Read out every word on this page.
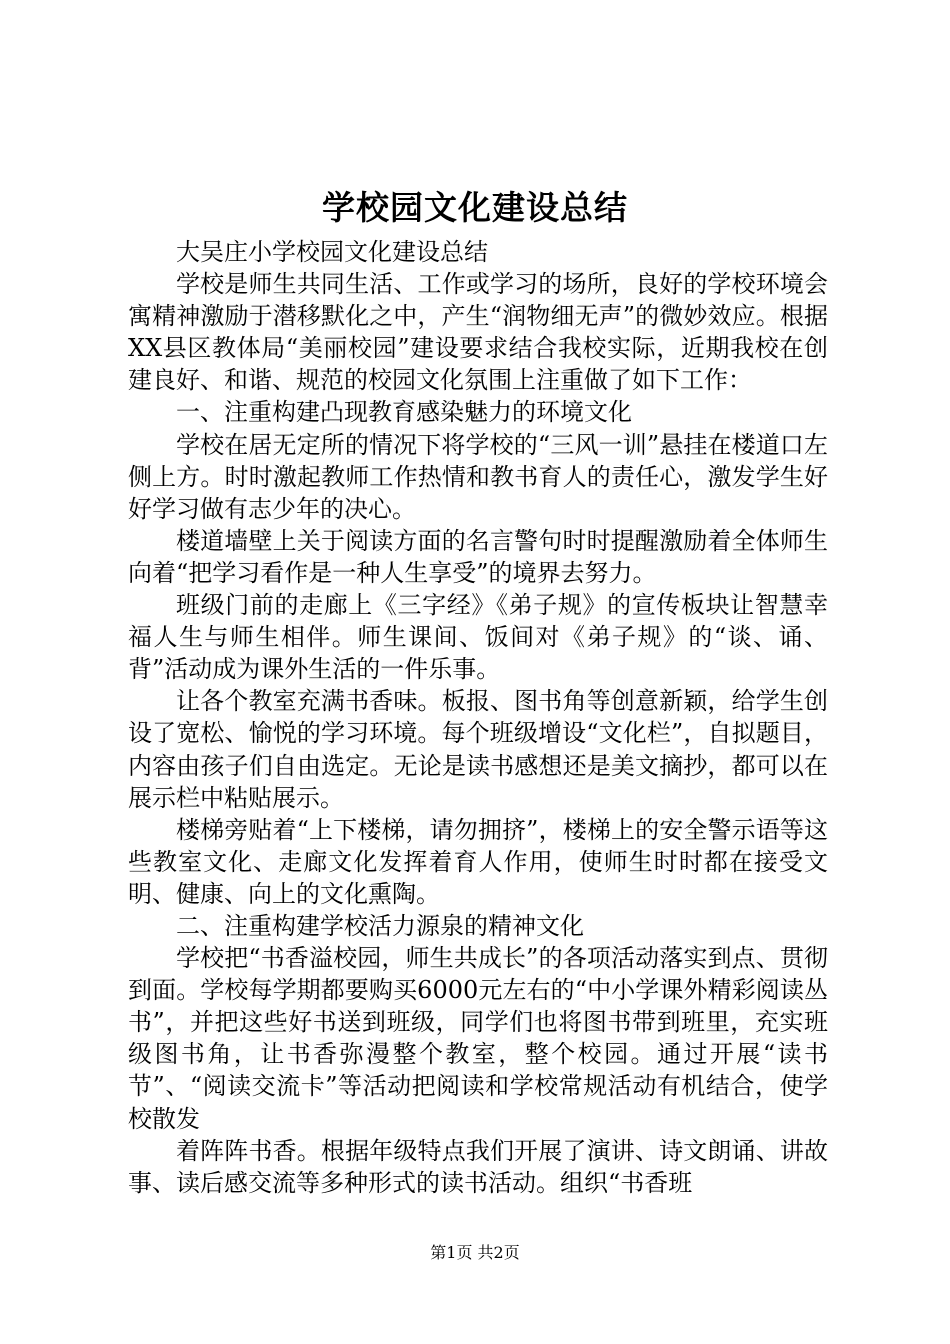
学校园文化建设总结

大吴庄小学校园文化建设总结

学校是师生共同生活、工作或学习的场所，良好的学校环境会寓精神激励于潜移默化之中，产生“润物细无声”的微妙效应。根据XX县区教体局“美丽校园”建设要求结合我校实际，近期我校在创建良好、和谐、规范的校园文化氛围上注重做了如下工作：

一、注重构建凸现教育感染魅力的环境文化

学校在居无定所的情况下将学校的“三风一训”悬挂在楼道口左侧上方。时时激起教师工作热情和教书育人的责任心，激发学生好好学习做有志少年的决心。

楼道墙壁上关于阅读方面的名言警句时时提醒激励着全体师生向着“把学习看作是一种人生享受”的境界去努力。

班级门前的走廊上《三字经》《弟子规》的宣传板块让智慧幸福人生与师生相伴。师生课间、饭间对《弟子规》的“谈、诵、背”活动成为课外生活的一件乐事。

让各个教室充满书香味。板报、图书角等创意新颖，给学生创设了宽松、愉悦的学习环境。每个班级增设“文化栏”，自拟题目，内容由孩子们自由选定。无论是读书感想还是美文摘抄，都可以在展示栏中粘贴展示。

楼梯旁贴着“上下楼梯，请勿拥挤”，楼梯上的安全警示语等这些教室文化、走廊文化发挥着育人作用，使师生时时都在接受文明、健康、向上的文化熏陶。

二、注重构建学校活力源泉的精神文化

学校把“书香溢校园，师生共成长”的各项活动落实到点、贯彻到面。学校每学期都要购买6000元左右的“中小学课外精彩阅读丛书”，并把这些好书送到班级，同学们也将图书带到班里，充实班级图书角，让书香弥漫整个教室，整个校园。通过开展“读书节”、“阅读交流卡”等活动把阅读和学校常规活动有机结合，使学校散发

着阵阵书香。根据年级特点我们开展了演讲、诗文朗诵、讲故事、读后感交流等多种形式的读书活动。组织“书香班

第1页 共2页
